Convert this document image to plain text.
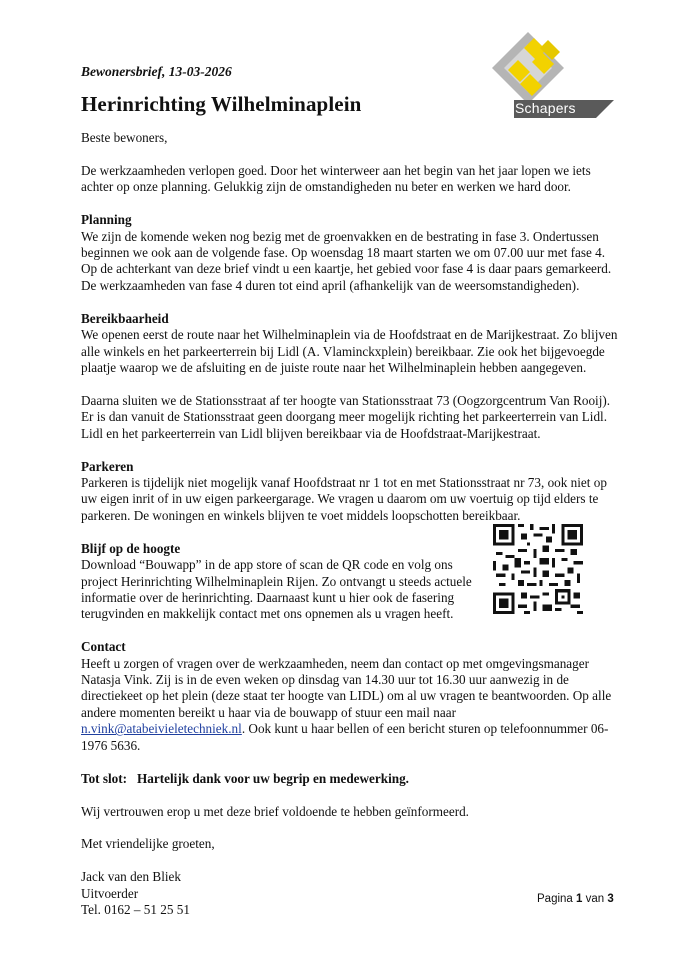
Bewonersbrief, 13-03-2026
Herinrichting Wilhelminaplein	Schapers

Beste bewoners,

De werkzaamheden verlopen goed. Door het winterweer aan het begin van het jaar lopen we iets achter op onze planning. Gelukkig zijn de omstandigheden nu beter en werken we hard door.

Planning
We zijn de komende weken nog bezig met de groenvakken en de bestrating in fase 3. Ondertussen beginnen we ook aan de volgende fase. Op woensdag 18 maart starten we om 07.00 uur met fase 4. Op de achterkant van deze brief vindt u een kaartje, het gebied voor fase 4 is daar paars gemarkeerd. De werkzaamheden van fase 4 duren tot eind april (afhankelijk van de weersomstandigheden).
Bereikbaarheid
We openen eerst de route naar het Wilhelminaplein via de Hoofdstraat en de Marijkestraat. Zo blijven alle winkels en het parkeerterrein bij Lidl (A. Vlaminckxplein) bereikbaar. Zie ook het bijgevoegde plaatje waarop we de afsluiting en de juiste route naar het Wilhelminaplein hebben aangegeven.

Daarna sluiten we de Stationsstraat af ter hoogte van Stationsstraat 73 (Oogzorgcentrum Van Rooij). Er is dan vanuit de Stationsstraat geen doorgang meer mogelijk richting het parkeerterrein van Lidl. Lidl en het parkeerterrein van Lidl blijven bereikbaar via de Hoofdstraat-Marijkestraat.

Parkeren
Parkeren is tijdelijk niet mogelijk vanaf Hoofdstraat nr 1 tot en met Stationsstraat nr 73, ook niet op uw eigen inrit of in uw eigen parkeergarage. We vragen u daarom om uw voertuig op tijd elders te parkeren. De woningen en winkels blijven te voet middels loopschotten bereikbaar.
Blijf op de hoogte
Download “Bouwapp” in de app store of scan de QR code en volg ons project Herinrichting Wilhelminaplein Rijen. Zo ontvangt u steeds actuele informatie over de herinrichting. Daarnaast kunt u hier ook de fasering terugvinden en makkelijk contact met ons opnemen als u vragen heeft.
Contact
Heeft u zorgen of vragen over de werkzaamheden, neem dan contact op met omgevingsmanager Natasja Vink. Zij is in de even weken op dinsdag van 14.30 uur tot 16.30 uur aanwezig in de directiekeet op het plein (deze staat ter hoogte van LIDL) om al uw vragen te beantwoorden. Op alle andere momenten bereikt u haar via de bouwapp of stuur een mail naar n.vink@atabeivieletechniek.nl. Ook kunt u haar bellen of een bericht sturen op telefoonnummer 06-1976 5636.

Tot slot: Hartelijk dank voor uw begrip en medewerking.

Wij vertrouwen erop u met deze brief voldoende te hebben geïnformeerd.

Met vriendelijke groeten,

Jack van den Bliek
Uitvoerder
Tel. 0162 – 51 25 51
Pagina 1 van 3
